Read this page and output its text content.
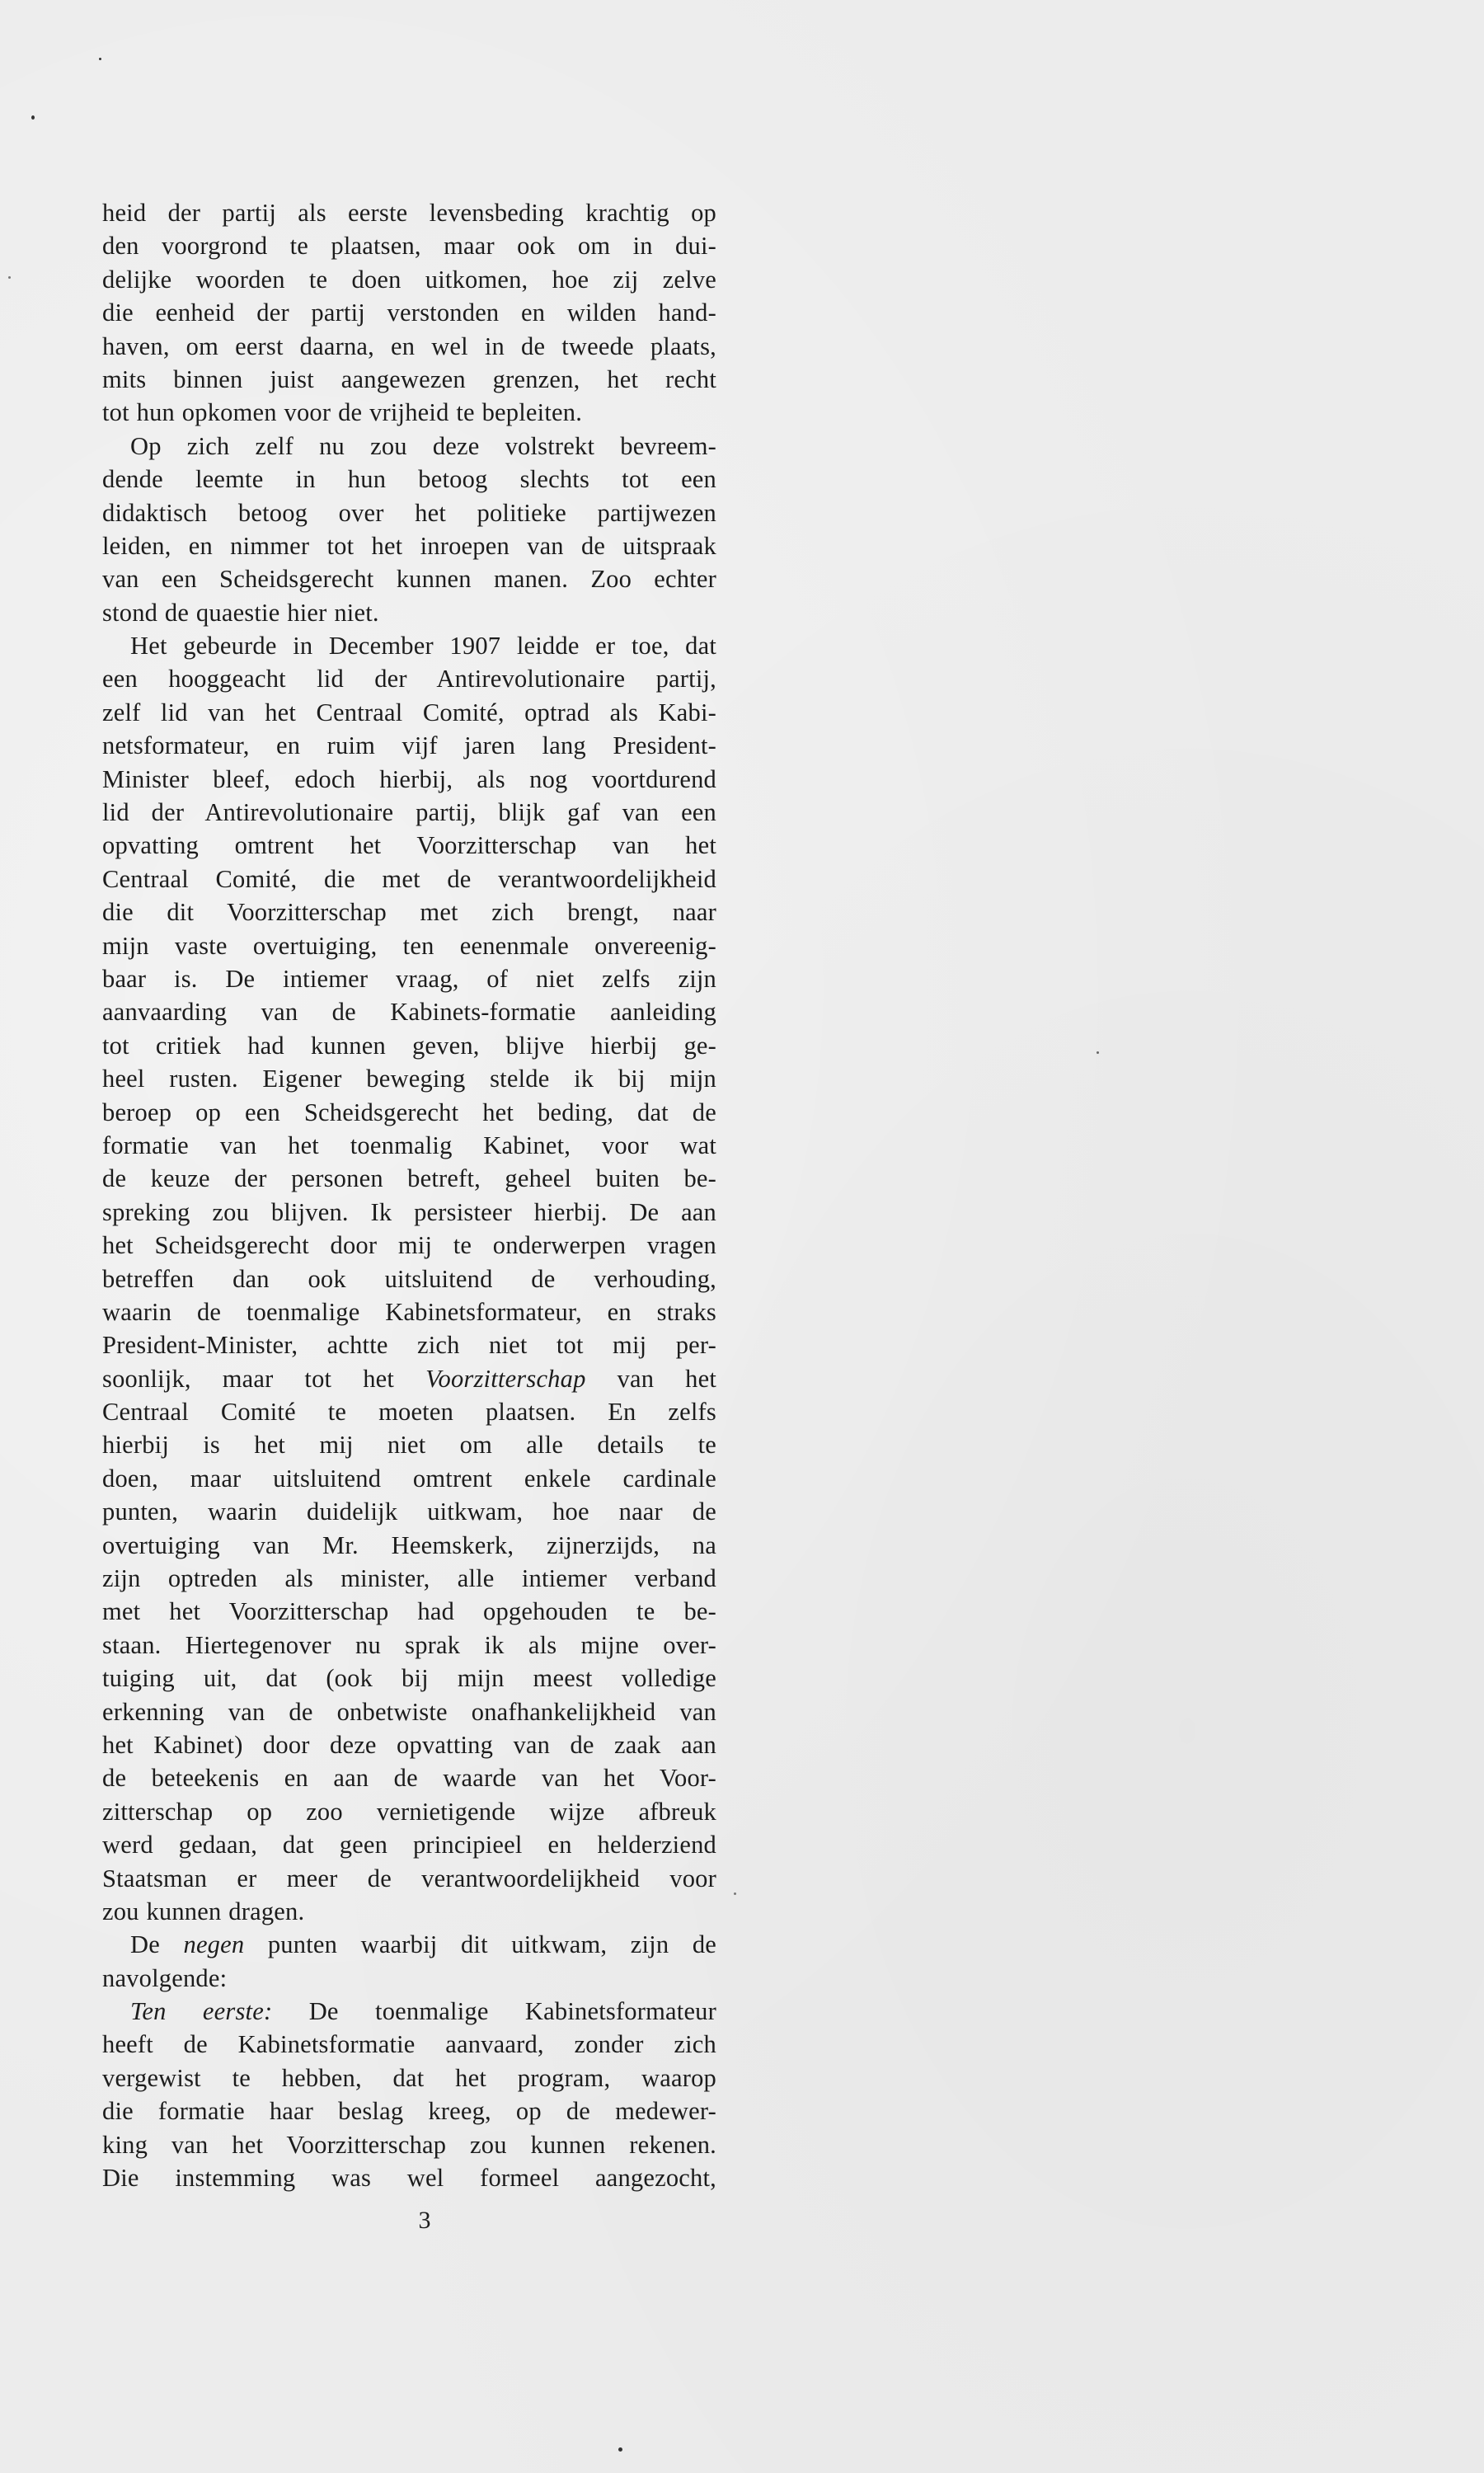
heid der partij als eerste levensbeding krachtig op
den voorgrond te plaatsen, maar ook om in dui-
delijke woorden te doen uitkomen, hoe zij zelve
die eenheid der partij verstonden en wilden hand-
haven, om eerst daarna, en wel in de tweede plaats,
mits binnen juist aangewezen grenzen, het recht
tot hun opkomen voor de vrijheid te bepleiten.
Op zich zelf nu zou deze volstrekt bevreem-
dende leemte in hun betoog slechts tot een
didaktisch betoog over het politieke partijwezen
leiden, en nimmer tot het inroepen van de uitspraak
van een Scheidsgerecht kunnen manen. Zoo echter
stond de quaestie hier niet.
Het gebeurde in December 1907 leidde er toe, dat
een hooggeacht lid der Antirevolutionaire partij,
zelf lid van het Centraal Comité, optrad als Kabi-
netsformateur, en ruim vijf jaren lang President-
Minister bleef, edoch hierbij, als nog voortdurend
lid der Antirevolutionaire partij, blijk gaf van een
opvatting omtrent het Voorzitterschap van het
Centraal Comité, die met de verantwoordelijkheid
die dit Voorzitterschap met zich brengt, naar
mijn vaste overtuiging, ten eenenmale onvereenig-
baar is. De intiemer vraag, of niet zelfs zijn
aanvaarding van de Kabinets-formatie aanleiding
tot critiek had kunnen geven, blijve hierbij ge-
heel rusten. Eigener beweging stelde ik bij mijn
beroep op een Scheidsgerecht het beding, dat de
formatie van het toenmalig Kabinet, voor wat
de keuze der personen betreft, geheel buiten be-
spreking zou blijven. Ik persisteer hierbij. De aan
het Scheidsgerecht door mij te onderwerpen vragen
betreffen dan ook uitsluitend de verhouding,
waarin de toenmalige Kabinetsformateur, en straks
President-Minister, achtte zich niet tot mij per-
soonlijk, maar tot het Voorzitterschap van het
Centraal Comité te moeten plaatsen. En zelfs
hierbij is het mij niet om alle details te
doen, maar uitsluitend omtrent enkele cardinale
punten, waarin duidelijk uitkwam, hoe naar de
overtuiging van Mr. Heemskerk, zijnerzijds, na
zijn optreden als minister, alle intiemer verband
met het Voorzitterschap had opgehouden te be-
staan. Hiertegenover nu sprak ik als mijne over-
tuiging uit, dat (ook bij mijn meest volledige
erkenning van de onbetwiste onafhankelijkheid van
het Kabinet) door deze opvatting van de zaak aan
de beteekenis en aan de waarde van het Voor-
zitterschap op zoo vernietigende wijze afbreuk
werd gedaan, dat geen principieel en helderziend
Staatsman er meer de verantwoordelijkheid voor
zou kunnen dragen.
De negen punten waarbij dit uitkwam, zijn de
navolgende:
Ten eerste: De toenmalige Kabinetsformateur
heeft de Kabinetsformatie aanvaard, zonder zich
vergewist te hebben, dat het program, waarop
die formatie haar beslag kreeg, op de medewer-
king van het Voorzitterschap zou kunnen rekenen.
Die instemming was wel formeel aangezocht,
3
